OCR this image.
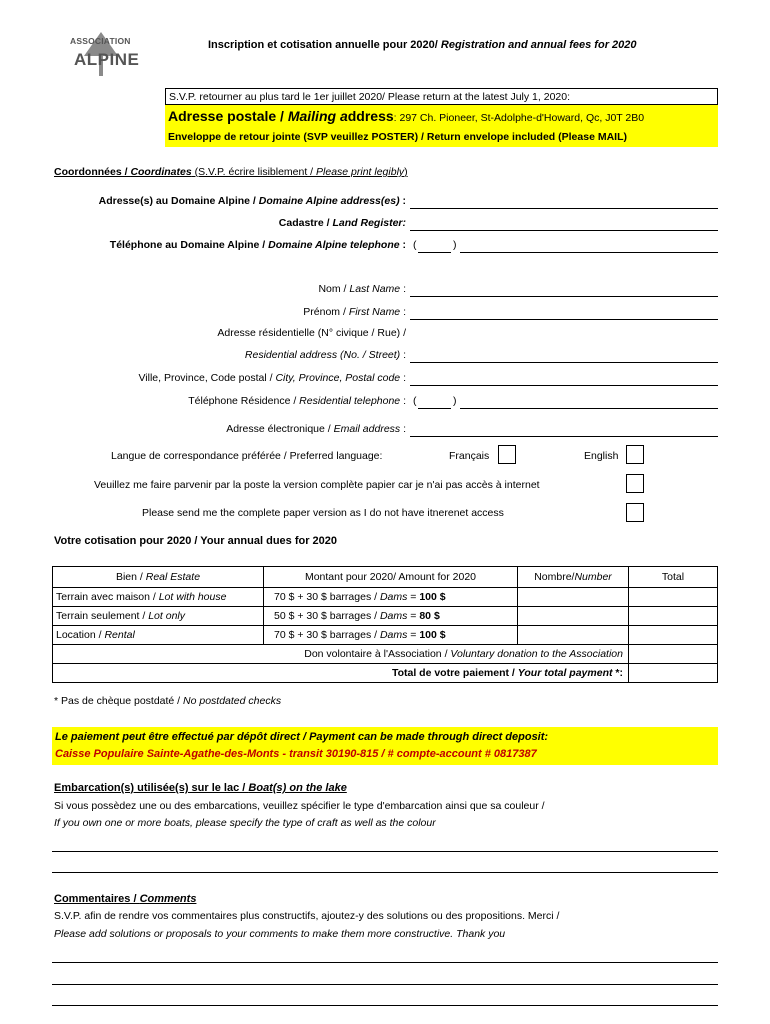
ASSOCIATION
ALPINE
Inscription et cotisation annuelle pour 2020/ Registration and annual fees for 2020
S.V.P. retourner au plus tard le 1er juillet 2020/ Please return at the latest July 1, 2020:
Adresse postale / Mailing address: 297 Ch. Pioneer, St-Adolphe-d'Howard, Qc, J0T 2B0
Enveloppe de retour jointe (SVP veuillez POSTER) / Return envelope included (Please MAIL)
Coordonnées / Coordinates (S.V.P. écrire lisiblement / Please print legibly)
Adresse(s) au Domaine Alpine / Domaine Alpine address(es) :
Cadastre / Land Register:
Téléphone au Domaine Alpine / Domaine Alpine telephone : (	)
Nom / Last Name :
Prénom / First Name :
Adresse résidentielle (N° civique / Rue) /
Residential address (No. / Street) :
Ville, Province, Code postal / City, Province, Postal code :
Téléphone Résidence / Residential telephone : (	)
Adresse électronique / Email address :
Langue de correspondance préférée / Preferred language:	Français	English
Veuillez me faire parvenir par la poste la version complète papier car je n'ai pas accès à internet
Please send me the complete paper version as I do not have itnerenet access
Votre cotisation pour 2020 / Your annual dues for 2020
Bien / Real Estate	Montant pour 2020/ Amount for 2020	Nombre/Number	Total
Terrain avec maison / Lot with house	70 $ + 30 $ barrages / Dams = 100 $		
Terrain seulement / Lot only	50 $ + 30 $ barrages / Dams = 80 $		
Location / Rental	70 $ + 30 $ barrages / Dams = 100 $		
Don volontaire à l'Association / Voluntary donation to the Association			
Total de votre paiement / Your total payment *:			
* Pas de chèque postdaté / No postdated checks
Le paiement peut être effectué par dépôt direct / Payment can be made through direct deposit:
Caisse Populaire Sainte-Agathe-des-Monts - transit 30190-815 / # compte-account # 0817387
Embarcation(s) utilisée(s) sur le lac / Boat(s) on the lake
Si vous possèdez une ou des embarcations, veuillez spécifier le type d'embarcation ainsi que sa couleur /
If you own one or more boats, please specify the type of craft as well as the colour
Commentaires / Comments
S.V.P. afin de rendre vos commentaires plus constructifs, ajoutez-y des solutions ou des propositions. Merci /
Please add solutions or proposals to your comments to make them more constructive. Thank you
